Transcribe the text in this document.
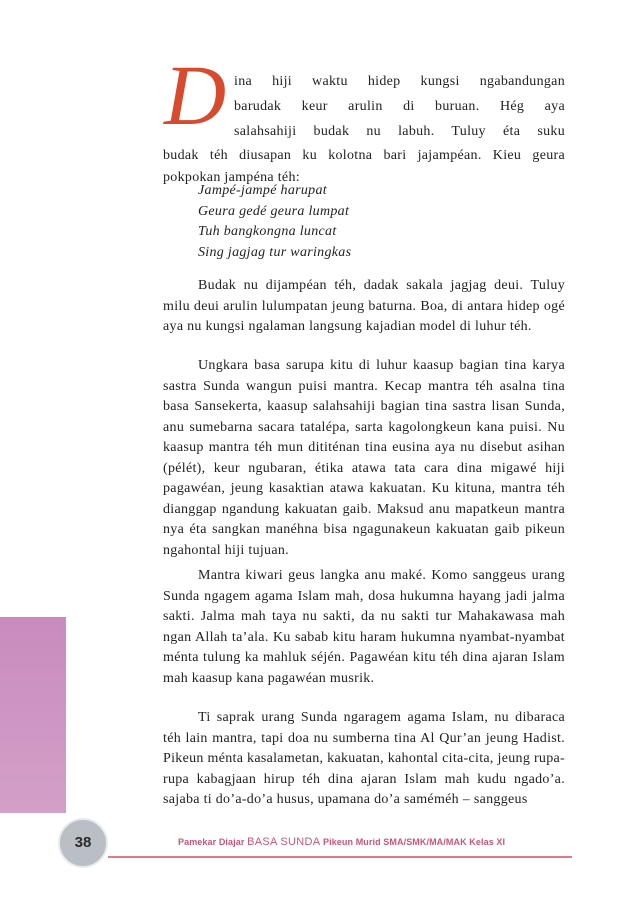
D ina hiji waktu hidep kungsi ngabandungan
barudak keur arulin di buruan. Hég aya
salahsahiji budak nu labuh. Tuluy éta suku

budak téh diusapan ku kolotna bari jajampéan. Kieu geura pokpokan jampéna téh:

Jampé-jampé harupat
Geura gedé geura lumpat
Tuh bangkongna luncat
Sing jagjag tur waringkas

Budak nu dijampéan téh, dadak sakala jagjag deui. Tuluy milu deui arulin lulumpatan jeung baturna. Boa, di antara hidep ogé aya nu kungsi ngalaman langsung kajadian model di luhur téh.

Ungkara basa sarupa kitu di luhur kaasup bagian tina karya sastra Sunda wangun puisi mantra. Kecap mantra téh asalna tina basa Sansekerta, kaasup salahsahiji bagian tina sastra lisan Sunda, anu sumebarna sacara tatalépa, sarta kagolongkeun kana puisi. Nu kaasup mantra téh mun dititénan tina eusina aya nu disebut asihan (pélét), keur ngubaran, étika atawa tata cara dina migawé hiji pagawéan, jeung kasaktian atawa kakuatan. Ku kituna, mantra téh dianggap ngandung kakuatan gaib. Maksud anu mapatkeun mantra nya éta sangkan manéhna bisa ngagunakeun kakuatan gaib pikeun ngahontal hiji tujuan.

Mantra kiwari geus langka anu maké. Komo sanggeus urang Sunda ngagem agama Islam mah, dosa hukumna hayang jadi jalma sakti. Jalma mah taya nu sakti, da nu sakti tur Mahakawasa mah ngan Allah ta’ala. Ku sabab kitu haram hukumna nyambat-nyambat ménta tulung ka mahluk séjén. Pagawéan kitu téh dina ajaran Islam mah kaasup kana pagawéan musrik.

Ti saprak urang Sunda ngaragem agama Islam, nu dibaraca téh lain mantra, tapi doa nu sumberna tina Al Qur’an jeung Hadist. Pikeun ménta kasalametan, kakuatan, kahontal cita-cita, jeung rupa-rupa kabagjaan hirup téh dina ajaran Islam mah kudu ngado’a. sajaba ti do’a-do’a husus, upamana do’a saméméh – sanggeus

38	Pamekar Diajar BASA SUNDA Pikeun Murid SMA/SMK/MA/MAK Kelas XI
